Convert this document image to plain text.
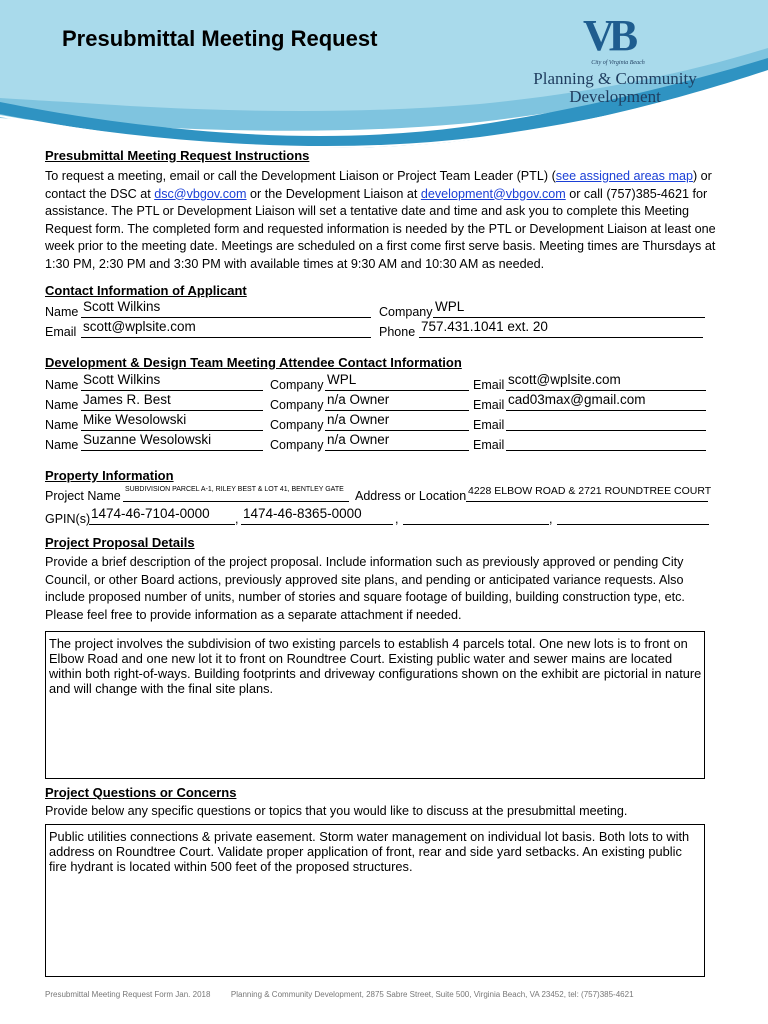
Presubmittal Meeting Request	VB
City of Virginia Beach
Planning & Community Development
Presubmittal Meeting Request Instructions
To request a meeting, email or call the Development Liaison or Project Team Leader (PTL) (see assigned areas map) or contact the DSC at dsc@vbgov.com or the Development Liaison at development@vbgov.com or call (757)385-4621 for assistance. The PTL or Development Liaison will set a tentative date and time and ask you to complete this Meeting Request form. The completed form and requested information is needed by the PTL or Development Liaison at least one week prior to the meeting date. Meetings are scheduled on a first come first serve basis. Meeting times are Thursdays at 1:30 PM, 2:30 PM and 3:30 PM with available times at 9:30 AM and 10:30 AM as needed.
Contact Information of Applicant
Name Scott Wilkins	Company WPL
Email scott@wplsite.com	Phone 757.431.1041 ext. 20
Development & Design Team Meeting Attendee Contact Information
Name Scott Wilkins	Company WPL	Email scott@wplsite.com
Name James R. Best	Company n/a Owner	Email cad03max@gmail.com
Name Mike Wesolowski	Company n/a Owner	Email
Name Suzanne Wesolowski	Company n/a Owner	Email
Property Information
Project Name SUBDIVISION PARCEL A-1, RILEY BEST & LOT 41, BENTLEY GATE Address or Location 4228 ELBOW ROAD & 2721 ROUNDTREE COURT
GPIN(s) 1474-46-7104-0000	, 1474-46-8365-0000	,	,
Project Proposal Details
Provide a brief description of the project proposal. Include information such as previously approved or pending City Council, or other Board actions, previously approved site plans, and pending or anticipated variance requests. Also include proposed number of units, number of stories and square footage of building, building construction type, etc. Please feel free to provide information as a separate attachment if needed.
The project involves the subdivision of two existing parcels to establish 4 parcels total. One new lots is to front on Elbow Road and one new lot it to front on Roundtree Court. Existing public water and sewer mains are located within both right-of-ways. Building footprints and driveway configurations shown on the exhibit are pictorial in nature and will change with the final site plans.
Project Questions or Concerns
Provide below any specific questions or topics that you would like to discuss at the presubmittal meeting.
Public utilities connections & private easement. Storm water management on individual lot basis. Both lots to with address on Roundtree Court. Validate proper application of front, rear and side yard setbacks. An existing public fire hydrant is located within 500 feet of the proposed structures.
Presubmittal Meeting Request Form Jan. 2018	Planning & Community Development, 2875 Sabre Street, Suite 500, Virginia Beach, VA 23452, tel: (757)385-4621
